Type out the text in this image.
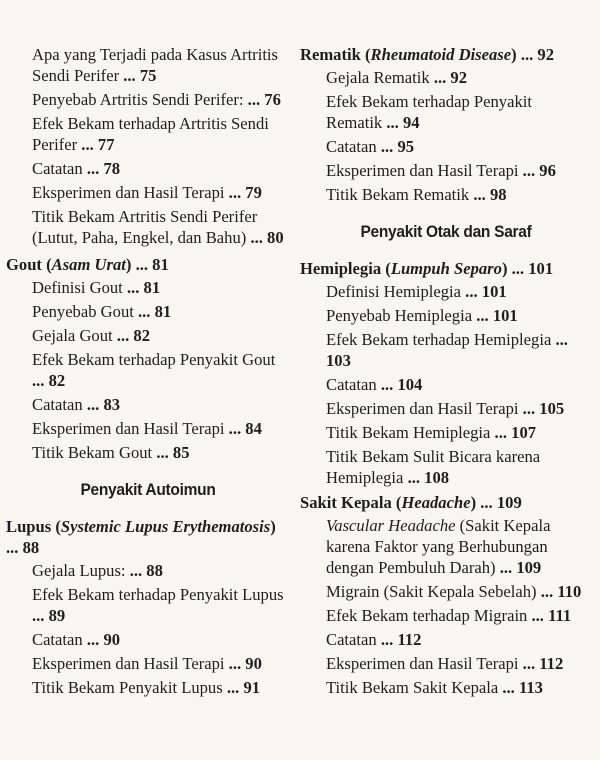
Apa yang Terjadi pada Kasus Artritis Sendi Perifer ... 75
Penyebab Artritis Sendi Perifer: ... 76
Efek Bekam terhadap Artritis Sendi Perifer ... 77
Catatan ... 78
Eksperimen dan Hasil Terapi ... 79
Titik Bekam Artritis Sendi Perifer (Lutut, Paha, Engkel, dan Bahu) ... 80
Gout (Asam Urat) ... 81
Definisi Gout ... 81
Penyebab Gout ... 81
Gejala Gout ... 82
Efek Bekam terhadap Penyakit Gout ... 82
Catatan ... 83
Eksperimen dan Hasil Terapi ... 84
Titik Bekam Gout ... 85
Penyakit Autoimun
Lupus (Systemic Lupus Erythematosis) ... 88
Gejala Lupus: ... 88
Efek Bekam terhadap Penyakit Lupus ... 89
Catatan ... 90
Eksperimen dan Hasil Terapi ... 90
Titik Bekam Penyakit Lupus ... 91
Rematik (Rheumatoid Disease) ... 92
Gejala Rematik ... 92
Efek Bekam terhadap Penyakit Rematik ... 94
Catatan ... 95
Eksperimen dan Hasil Terapi ... 96
Titik Bekam Rematik ... 98
Penyakit Otak dan Saraf
Hemiplegia (Lumpuh Separo) ... 101
Definisi Hemiplegia ... 101
Penyebab Hemiplegia ... 101
Efek Bekam terhadap Hemiplegia ... 103
Catatan ... 104
Eksperimen dan Hasil Terapi ... 105
Titik Bekam Hemiplegia ... 107
Titik Bekam Sulit Bicara karena Hemiplegia ... 108
Sakit Kepala (Headache) ... 109
Vascular Headache (Sakit Kepala karena Faktor yang Berhubungan dengan Pembuluh Darah) ... 109
Migrain (Sakit Kepala Sebelah) ... 110
Efek Bekam terhadap Migrain ... 111
Catatan ... 112
Eksperimen dan Hasil Terapi ... 112
Titik Bekam Sakit Kepala ... 113
